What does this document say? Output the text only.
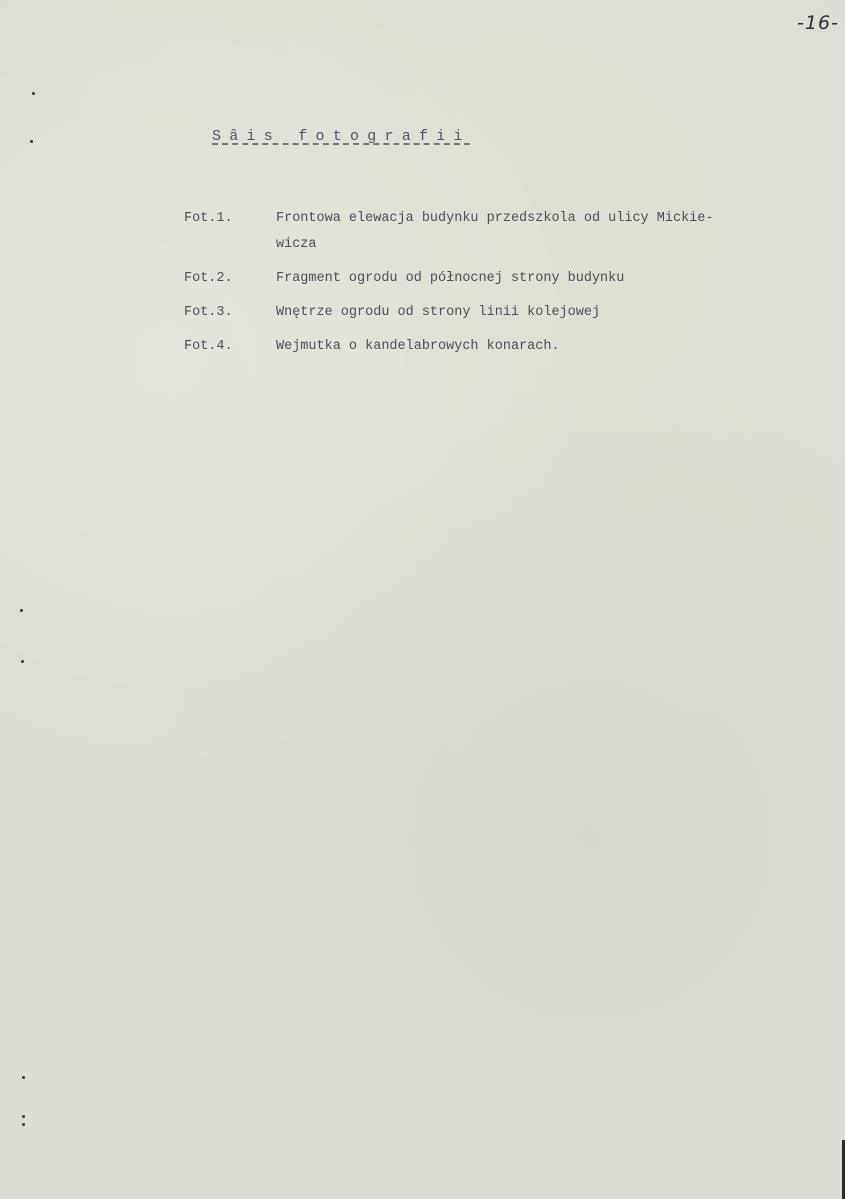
-16-
Sȃis fotografii
Fot.1.	Frontowa elewacja budynku przedszkola od ulicy Mickie-
wicza
Fot.2.	Fragment ogrodu od północnej strony budynku
Fot.3.	Wnętrze ogrodu od strony linii kolejowej
Fot.4.	Wejmutka o kandelabrowych konarach.
